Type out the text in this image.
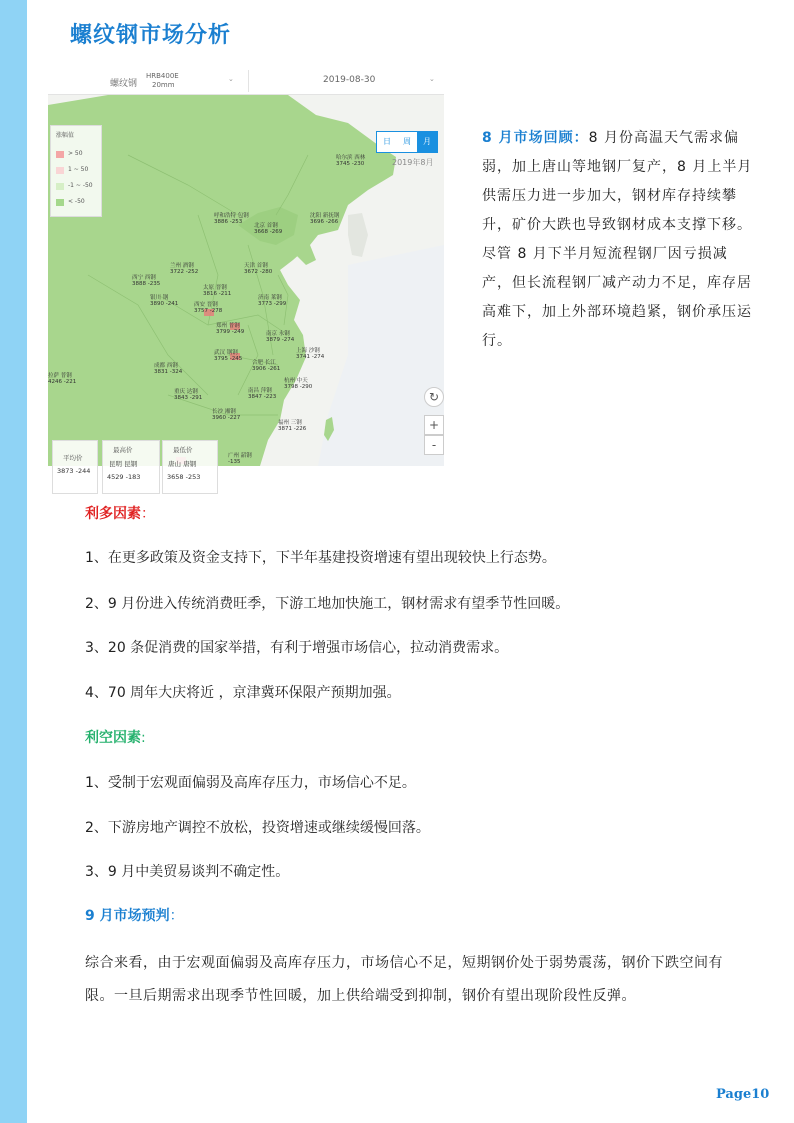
螺纹钢市场分析
螺纹钢
HRB400E
20mm
⌄	2019-08-30	⌄
涨幅值
> 50
1 ~ 50
-1 ~ -50
< -50
日	周	月
2019年8月
哈尔滨 西林
3745 -230
呼和浩特 包钢
3886 -253
北京 首钢
3668 -269
沈阳 新抚钢
3696 -266
天津 首钢
3672 -280
兰州 酒钢
3722 -252
西宁 西钢
3888 -235
太原 晋钢
3816 -211
济南 莱钢
3773 -299
银川 钢
3890 -241	西安 晋钢
3757 -278
郑州 普钢
3799 -249	南京 永钢
3879 -274
上海 沙钢
3741 -274
武汉 钢钢
3795 -245
成都 西钢
3831 -324
合肥 长江
3906 -261
杭州 中天
3798 -290
拉萨 普钢
4246 -221
重庆 达钢
3843 -291
南昌 萍钢
3847 -223
长沙 湘钢
3960 -227
福州 三钢
3871 -226
广州 韶钢
-135
平均价
3873 -244
最高价
昆明 昆钢
4529 -183
最低价
唐山 唐钢
3658 -253
↻
+
-
8 月市场回顾：8 月份高温天气需求偏弱，加上唐山等地钢厂复产，8 月上半月供需压力进一步加大，钢材库存持续攀升，矿价大跌也导致钢材成本支撑下移。尽管 8 月下半月短流程钢厂因亏损减产，但长流程钢厂减产动力不足，库存居高难下，加上外部环境趋紧，钢价承压运行。
利多因素：
1、在更多政策及资金支持下，下半年基建投资增速有望出现较快上行态势。
2、9 月份进入传统消费旺季，下游工地加快施工，钢材需求有望季节性回暖。
3、20 条促消费的国家举措，有利于增强市场信心，拉动消费需求。
4、70 周年大庆将近 ，京津冀环保限产预期加强。
利空因素:
1、受制于宏观面偏弱及高库存压力，市场信心不足。
2、下游房地产调控不放松，投资增速或继续缓慢回落。
3、9 月中美贸易谈判不确定性。
9 月市场预判：
综合来看，由于宏观面偏弱及高库存压力，市场信心不足，短期钢价处于弱势震荡，钢价下跌空间有限。一旦后期需求出现季节性回暖，加上供给端受到抑制，钢价有望出现阶段性反弹。
Page10
